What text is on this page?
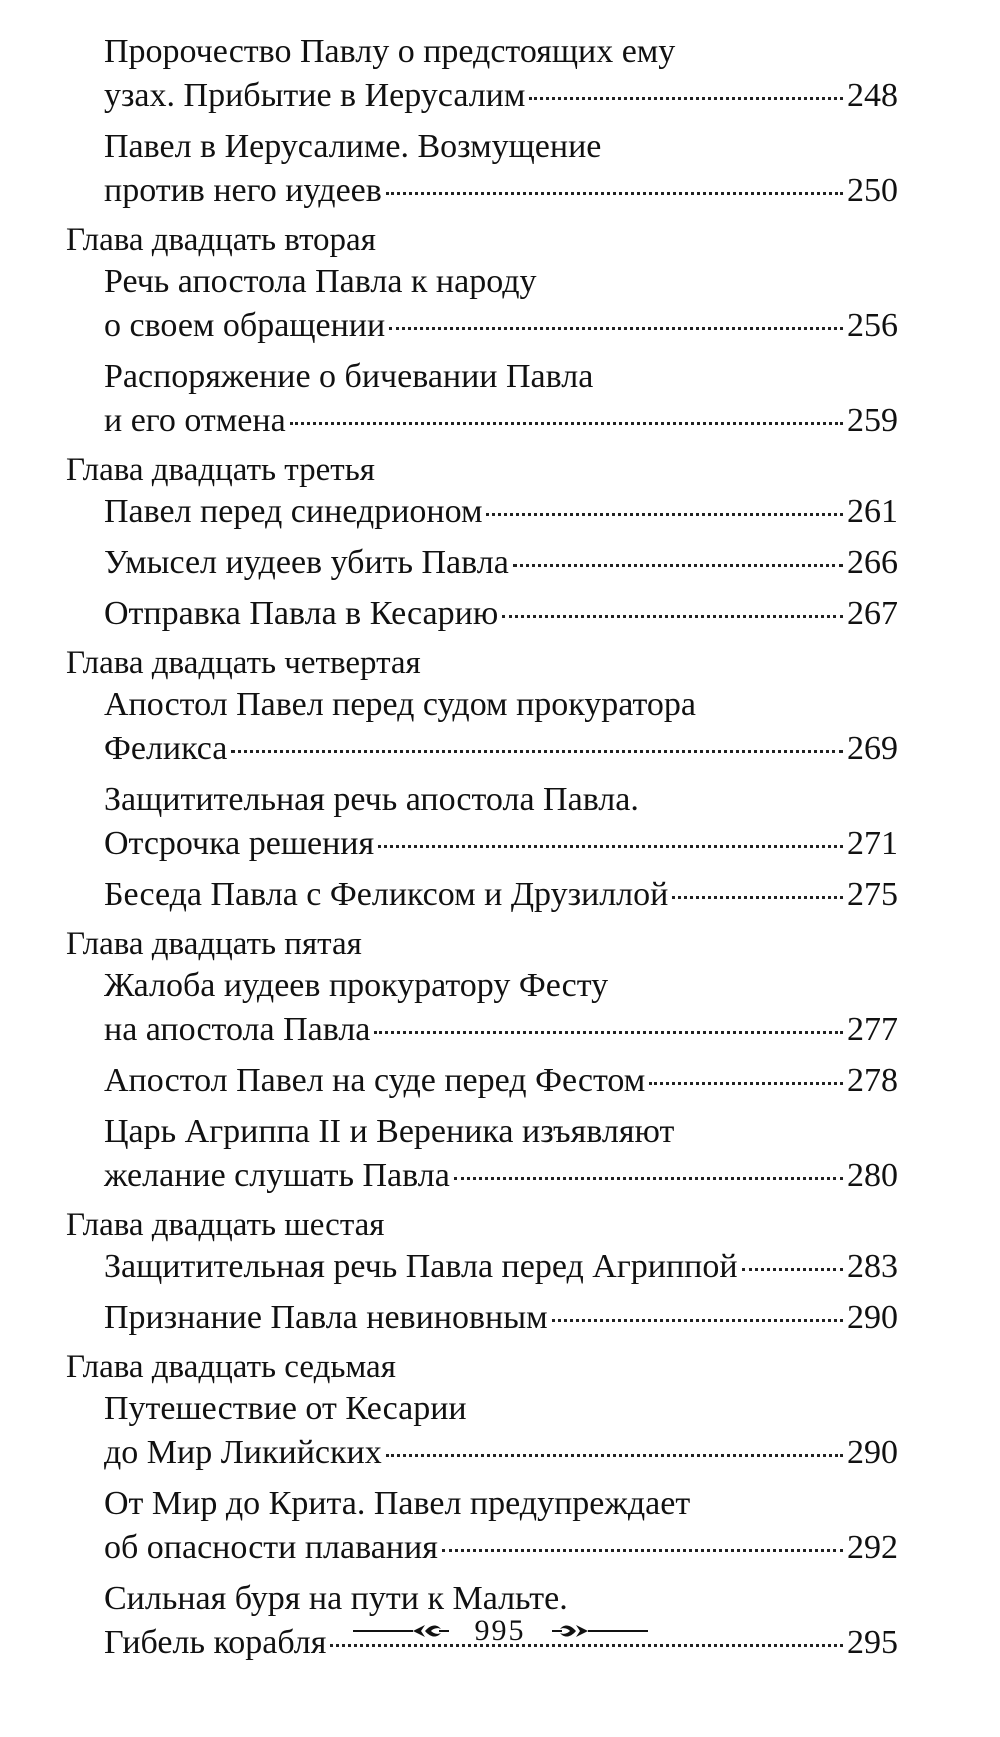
Пророчество Павлу о предстоящих ему
узах. Прибытие в Иерусалим	248
Павел в Иерусалиме. Возмущение
против него иудеев	250
Глава двадцать вторая
Речь апостола Павла к народу
о своем обращении	256
Распоряжение о бичевании Павла
и его отмена	259
Глава двадцать третья
Павел перед синедрионом	261
Умысел иудеев убить Павла	266
Отправка Павла в Кесарию	267
Глава двадцать четвертая
Апостол Павел перед судом прокуратора
Феликса	269
Защитительная речь апостола Павла.
Отсрочка решения	271
Беседа Павла с Феликсом и Друзиллой	275
Глава двадцать пятая
Жалоба иудеев прокуратору Фесту
на апостола Павла	277
Апостол Павел на суде перед Фестом	278
Царь Агриппа II и Вереника изъявляют
желание слушать Павла	280
Глава двадцать шестая
Защитительная речь Павла перед Агриппой	283
Признание Павла невиновным	290
Глава двадцать седьмая
Путешествие от Кесарии
до Мир Ликийских	290
От Мир до Крита. Павел предупреждает
об опасности плавания	292
Сильная буря на пути к Мальте.
Гибель корабля	295
995
